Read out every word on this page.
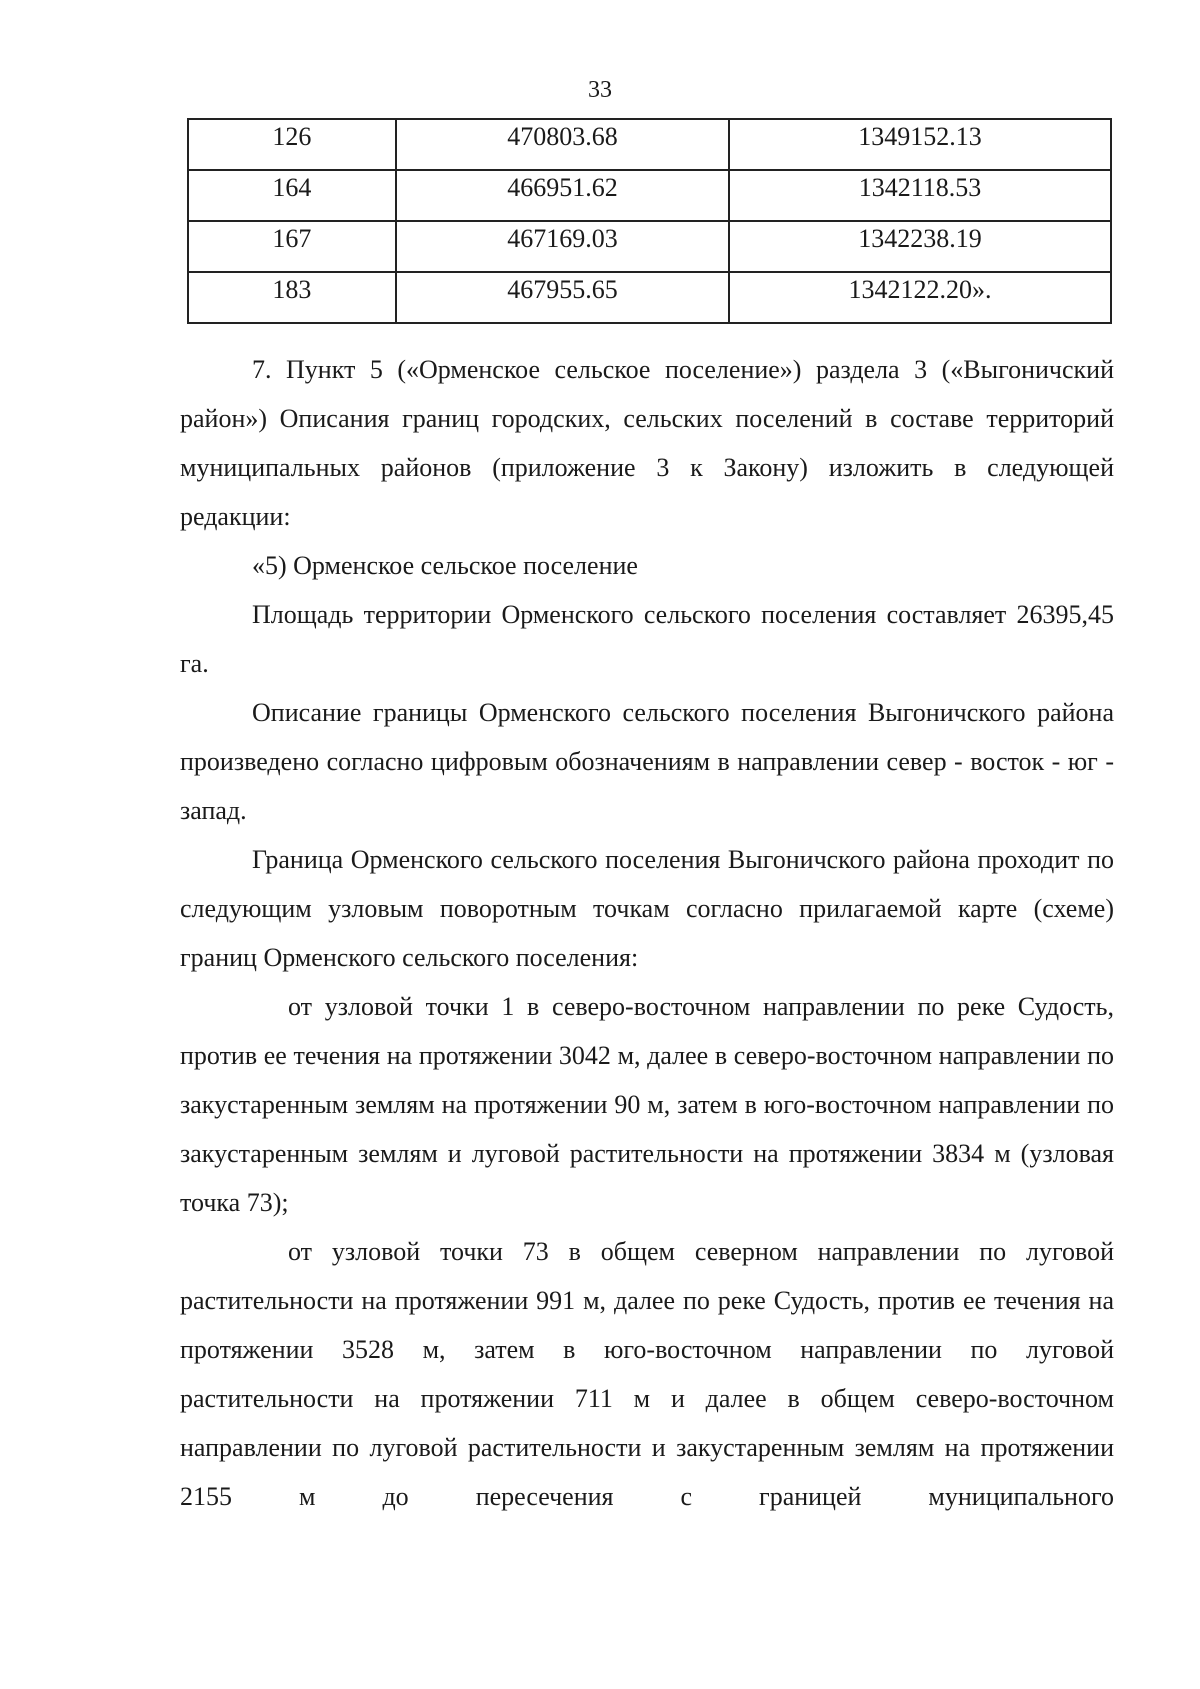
33
126	470803.68	1349152.13
164	466951.62	1342118.53
167	467169.03	1342238.19
183	467955.65	1342122.20».

7. Пункт 5 («Орменское сельское поселение») раздела 3 («Выгоничский район») Описания границ городских, сельских поселений в составе территорий муниципальных районов (приложение 3 к Закону) изложить в следующей редакции:

«5) Орменское сельское поселение

Площадь территории Орменского сельского поселения составляет 26395,45 га.

Описание границы Орменского сельского поселения Выгоничского района произведено согласно цифровым обозначениям в направлении север - восток - юг - запад.

Граница Орменского сельского поселения Выгоничского района проходит по следующим узловым поворотным точкам согласно прилагаемой карте (схеме) границ Орменского сельского поселения:

от узловой точки 1 в северо-восточном направлении по реке Судость, против ее течения на протяжении 3042 м, далее в северо-восточном направлении по закустаренным землям на протяжении 90 м, затем в юго-восточном направлении по закустаренным землям и луговой растительности на протяжении 3834 м (узловая точка 73);

от узловой точки 73 в общем северном направлении по луговой растительности на протяжении 991 м, далее по реке Судость, против ее течения на протяжении 3528 м, затем в юго-восточном направлении по луговой растительности на протяжении 711 м и далее в общем северо-восточном направлении по луговой растительности и закустаренным землям на протяжении 2155 м до пересечения с границей муниципального
